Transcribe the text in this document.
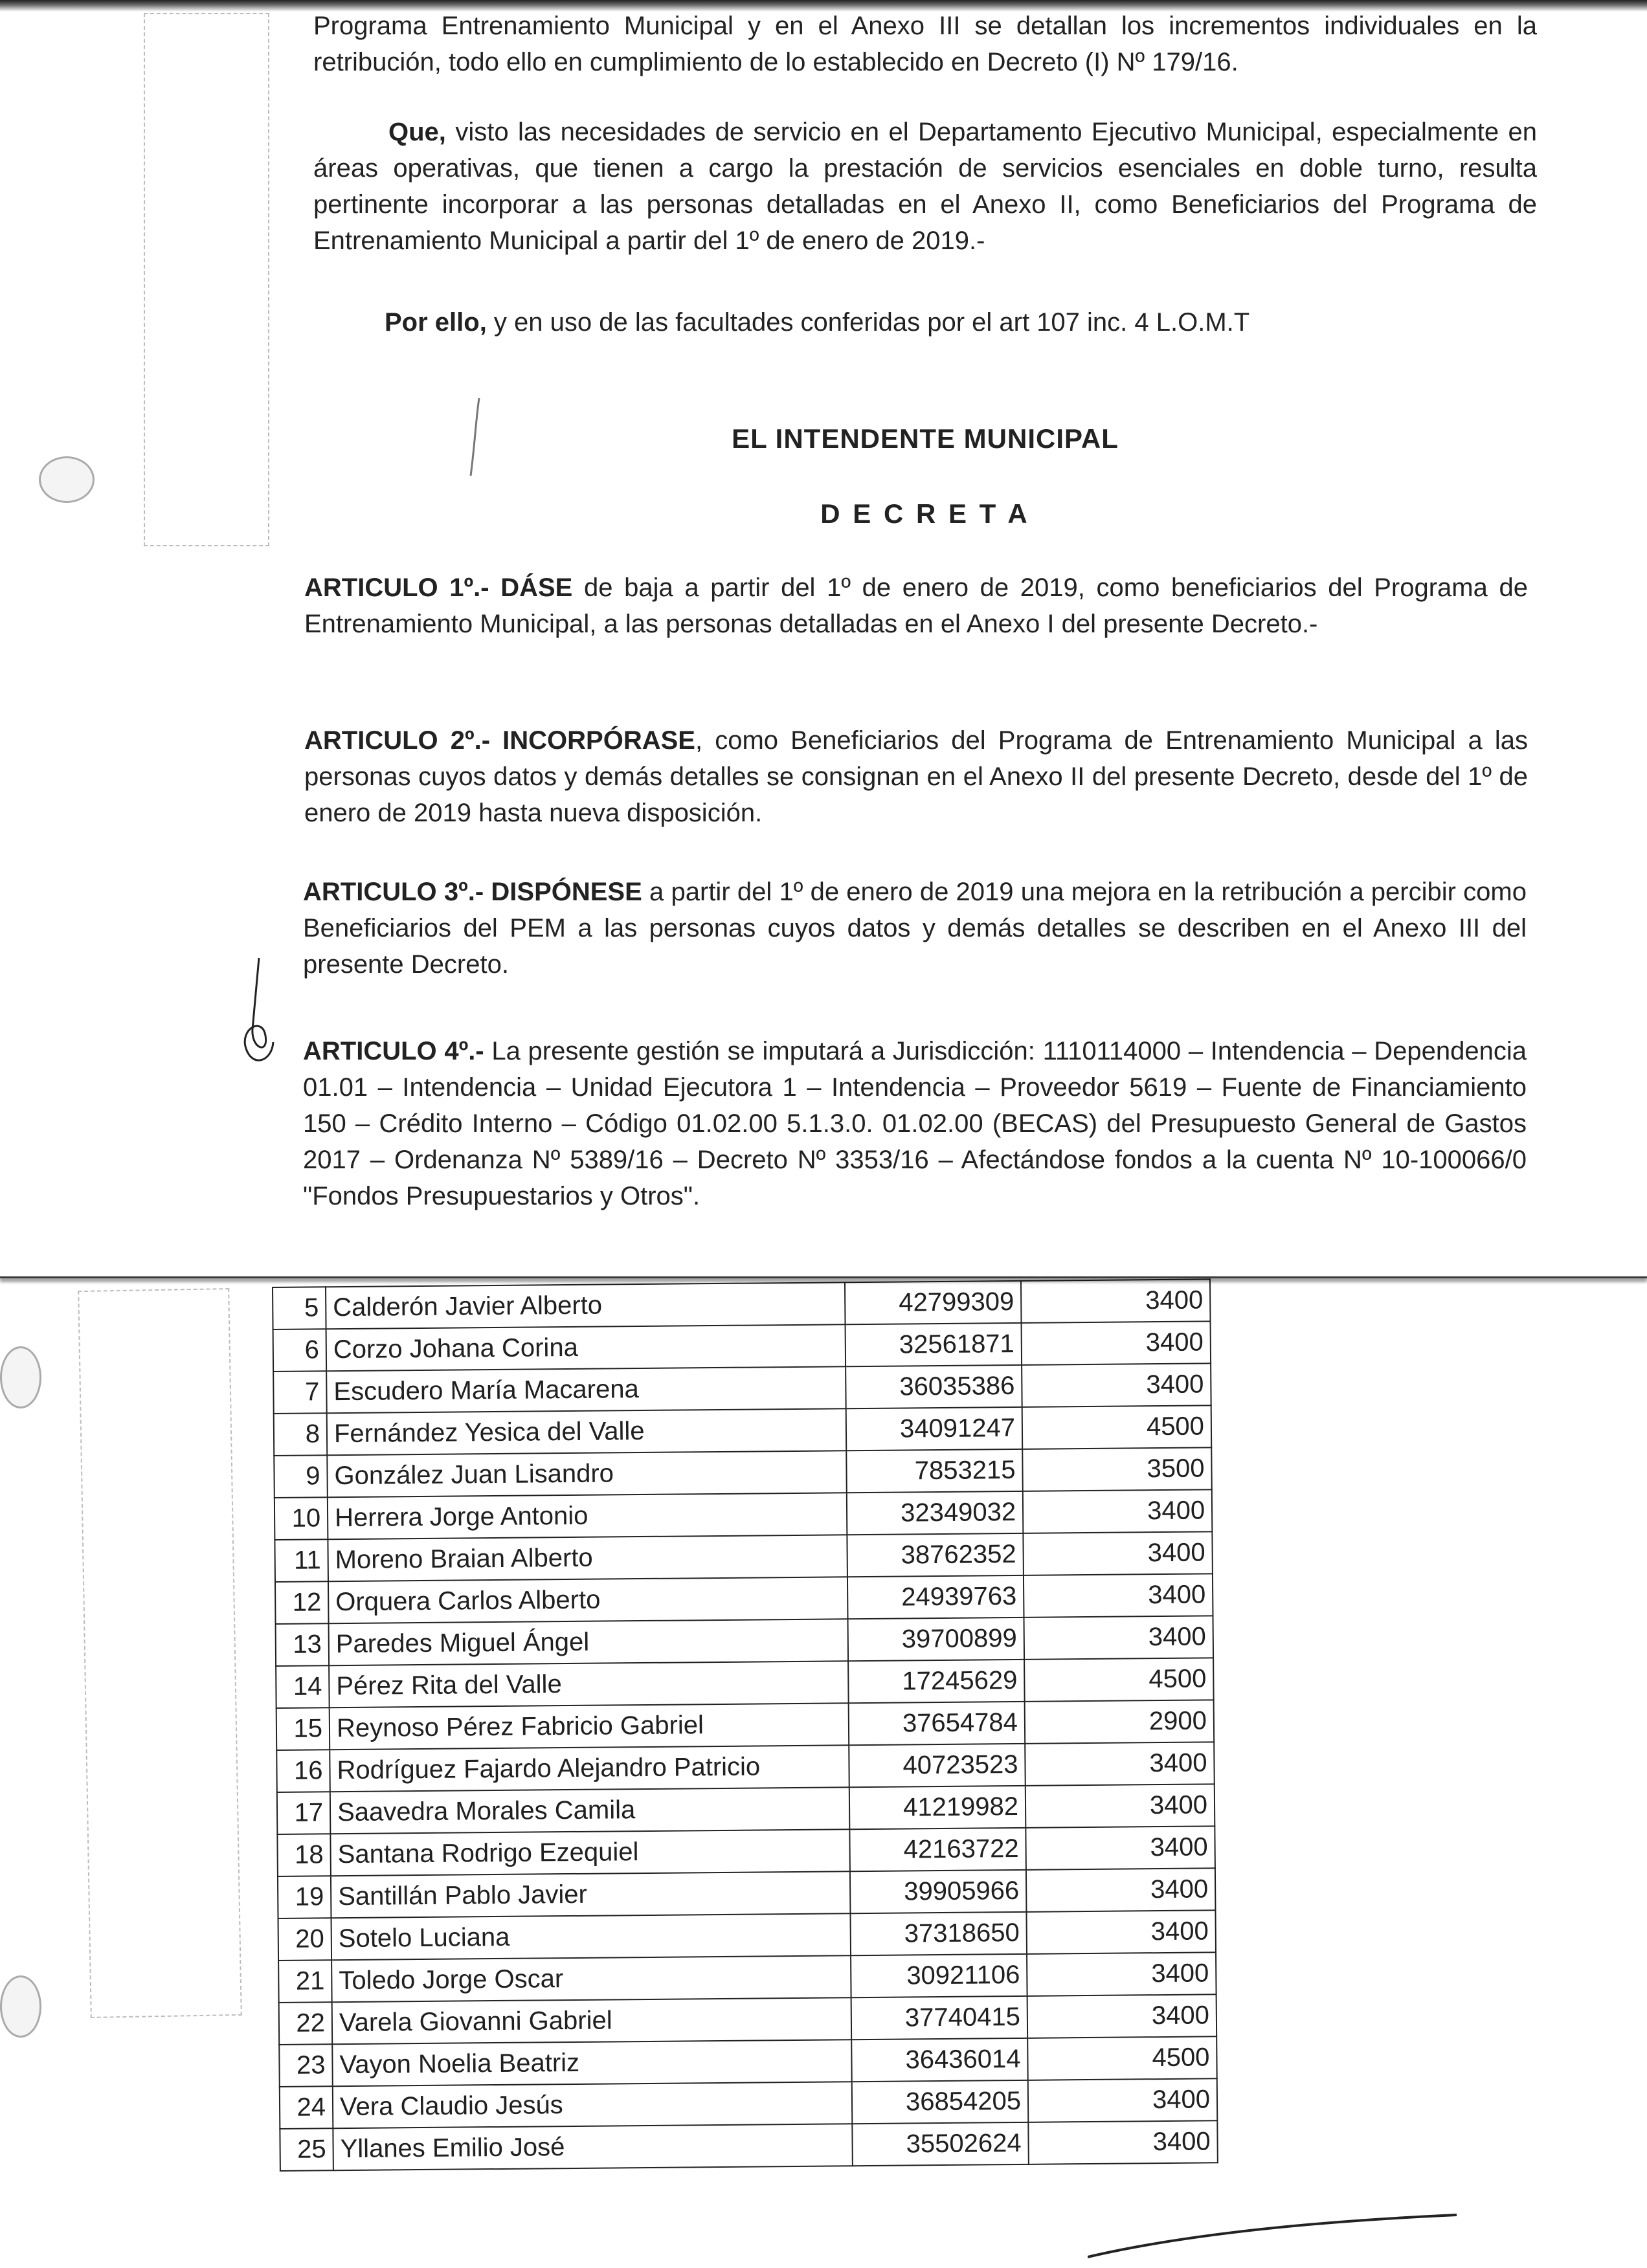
Programa Entrenamiento Municipal y en el Anexo III se detallan los incrementos individuales en la retribución, todo ello en cumplimiento de lo establecido en Decreto (I) Nº 179/16.

Que, visto las necesidades de servicio en el Departamento Ejecutivo Municipal, especialmente en áreas operativas, que tienen a cargo la prestación de servicios esenciales en doble turno, resulta pertinente incorporar a las personas detalladas en el Anexo II, como Beneficiarios del Programa de Entrenamiento Municipal a partir del 1º de enero de 2019.-

Por ello, y en uso de las facultades conferidas por el art 107 inc. 4 L.O.M.T

EL INTENDENTE MUNICIPAL

D E C R E T A

ARTICULO 1º.- DÁSE de baja a partir del 1º de enero de 2019, como beneficiarios del Programa de Entrenamiento Municipal, a las personas detalladas en el Anexo I del presente Decreto.-

ARTICULO 2º.- INCORPÓRASE, como Beneficiarios del Programa de Entrenamiento Municipal a las personas cuyos datos y demás detalles se consignan en el Anexo II del presente Decreto, desde del 1º de enero de 2019 hasta nueva disposición.

ARTICULO 3º.- DISPÓNESE a partir del 1º de enero de 2019 una mejora en la retribución a percibir como Beneficiarios del PEM a las personas cuyos datos y demás detalles se describen en el Anexo III del presente Decreto.

ARTICULO 4º.- La presente gestión se imputará a Jurisdicción: 1110114000 – Intendencia – Dependencia 01.01 – Intendencia – Unidad Ejecutora 1 – Intendencia – Proveedor 5619 – Fuente de Financiamiento 150 – Crédito Interno – Código 01.02.00 5.1.3.0. 01.02.00 (BECAS) del Presupuesto General de Gastos 2017 – Ordenanza Nº 5389/16 – Decreto Nº 3353/16 – Afectándose fondos a la cuenta Nº 10-100066/0 "Fondos Presupuestarios y Otros".

5	Calderón Javier Alberto	42799309	3400
6	Corzo Johana Corina	32561871	3400
7	Escudero María Macarena	36035386	3400
8	Fernández Yesica del Valle	34091247	4500
9	González Juan Lisandro	7853215	3500
10	Herrera Jorge Antonio	32349032	3400
11	Moreno Braian Alberto	38762352	3400
12	Orquera Carlos Alberto	24939763	3400
13	Paredes Miguel Ángel	39700899	3400
14	Pérez Rita del Valle	17245629	4500
15	Reynoso Pérez Fabricio Gabriel	37654784	2900
16	Rodríguez Fajardo Alejandro Patricio	40723523	3400
17	Saavedra Morales Camila	41219982	3400
18	Santana Rodrigo Ezequiel	42163722	3400
19	Santillán Pablo Javier	39905966	3400
20	Sotelo Luciana	37318650	3400
21	Toledo Jorge Oscar	30921106	3400
22	Varela Giovanni Gabriel	37740415	3400
23	Vayon Noelia Beatriz	36436014	4500
24	Vera Claudio Jesús	36854205	3400
25	Yllanes Emilio José	35502624	3400
